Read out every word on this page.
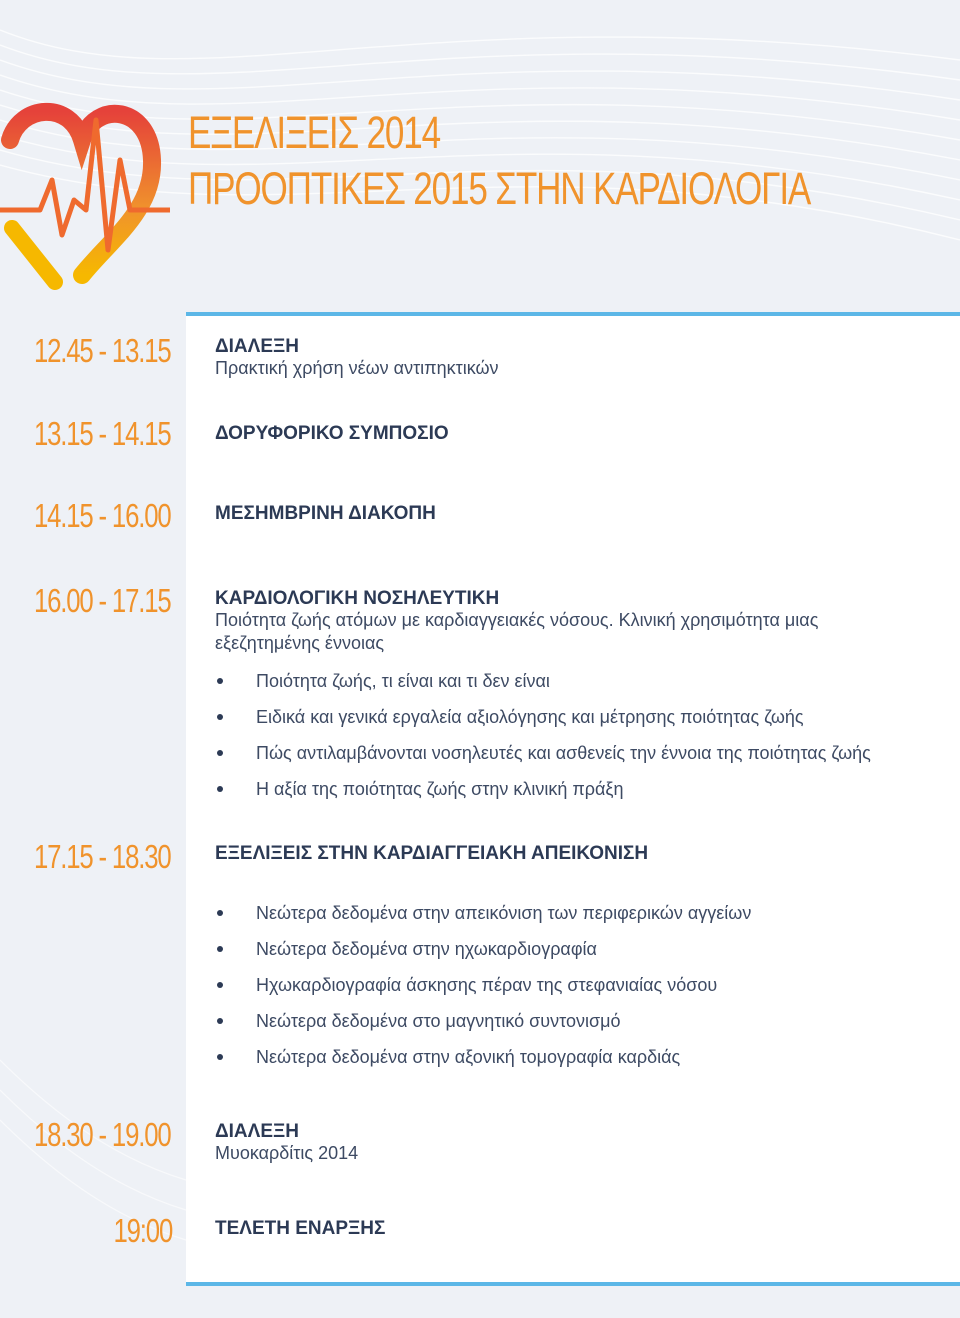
ΕΞΕΛΙΞΕΙΣ 2014
ΠΡΟΟΠΤΙΚΕΣ 2015 ΣΤΗΝ ΚΑΡΔΙΟΛΟΓΙΑ
12.45 - 13.15 ΔΙΑΛΕΞΗ
Πρακτική χρήση νέων αντιπηκτικών
13.15 - 14.15 ΔΟΡΥΦΟΡΙΚΟ ΣΥΜΠΟΣΙΟ
14.15 - 16.00 ΜΕΣΗΜΒΡΙΝΗ ΔΙΑΚΟΠΗ
16.00 - 17.15 ΚΑΡΔΙΟΛΟΓΙΚΗ ΝΟΣΗΛΕΥΤΙΚΗ
Ποιότητα ζωής ατόμων με καρδιαγγειακές νόσους. Κλινική χρησιμότητα μιας εξεζητημένης έννοιας
Ποιότητα ζωής, τι είναι και τι δεν είναι
Ειδικά και γενικά εργαλεία αξιολόγησης και μέτρησης ποιότητας ζωής
Πώς αντιλαμβάνονται νοσηλευτές και ασθενείς την έννοια της ποιότητας ζωής
Η αξία της ποιότητας ζωής στην κλινική πράξη
17.15 - 18.30 ΕΞΕΛΙΞΕΙΣ ΣΤΗΝ ΚΑΡΔΙΑΓΓΕΙΑΚΗ ΑΠΕΙΚΟΝΙΣΗ
Νεώτερα δεδομένα στην απεικόνιση των περιφερικών αγγείων
Νεώτερα δεδομένα στην ηχωκαρδιογραφία
Ηχωκαρδιογραφία άσκησης πέραν της στεφανιαίας νόσου
Νεώτερα δεδομένα στο μαγνητικό συντονισμό
Νεώτερα δεδομένα στην αξονική τομογραφία καρδιάς
18.30 - 19.00 ΔΙΑΛΕΞΗ
Μυοκαρδίτις 2014
19:00 ΤΕΛΕΤΗ ΕΝΑΡΞΗΣ
